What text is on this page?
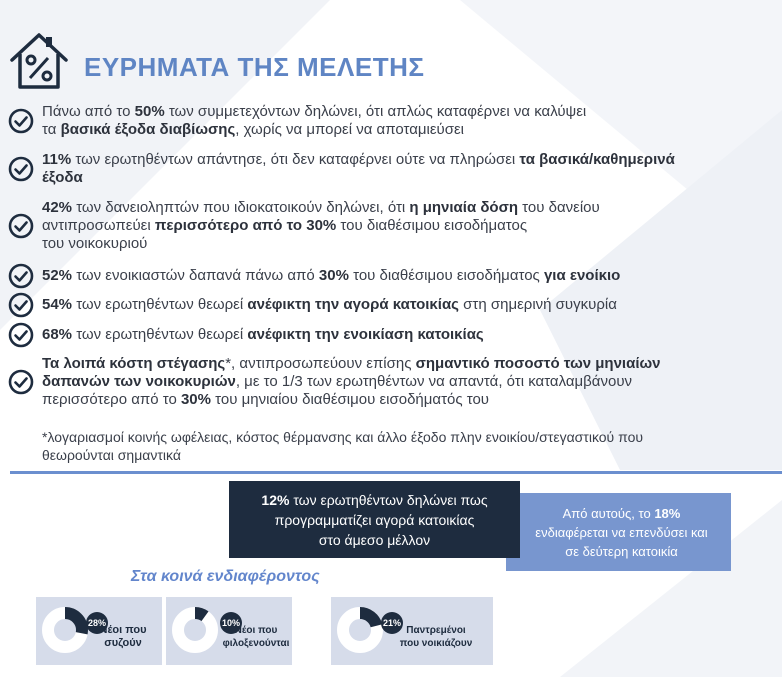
ΕΥΡΗΜΑΤΑ ΤΗΣ ΜΕΛΕΤΗΣ
Πάνω από το 50% των συμμετεχόντων δηλώνει, ότι απλώς καταφέρνει να καλύψει
τα βασικά έξοδα διαβίωσης, χωρίς να μπορεί να αποταμιεύσει
11% των ερωτηθέντων απάντησε, ότι δεν καταφέρνει ούτε να πληρώσει τα βασικά/καθημερινά
έξοδα
42% των δανειοληπτών που ιδιοκατοικούν δηλώνει, ότι η μηνιαία δόση του δανείου
αντιπροσωπεύει περισσότερο από το 30% του διαθέσιμου εισοδήματος
του νοικοκυριού
52% των ενοικιαστών δαπανά πάνω από 30% του διαθέσιμου εισοδήματος για ενοίκιο
54% των ερωτηθέντων θεωρεί ανέφικτη την αγορά κατοικίας στη σημερινή συγκυρία
68% των ερωτηθέντων θεωρεί ανέφικτη την ενοικίαση κατοικίας
Τα λοιπά κόστη στέγασης*, αντιπροσωπεύουν επίσης σημαντικό ποσοστό των μηνιαίων
δαπανών των νοικοκυριών, με το 1/3 των ερωτηθέντων να απαντά, ότι καταλαμβάνουν
περισσότερο από το 30% του μηνιαίου διαθέσιμου εισοδήματός του
*λογαριασμοί κοινής ωφέλειας, κόστος θέρμανσης και άλλο έξοδο πλην ενοικίου/στεγαστικού που
θεωρούνται σημαντικά
12% των ερωτηθέντων δηλώνει πως
προγραμματίζει αγορά κατοικίας
στο άμεσο μέλλον
Από αυτούς, το 18%
ενδιαφέρεται να επενδύσει και
σε δεύτερη κατοικία
Στα κοινά ενδιαφέροντος
28%
Νέοι που
συζούν
10%
Νέοι που
φιλοξενούνται
21%
Παντρεμένοι
που νοικιάζουν
